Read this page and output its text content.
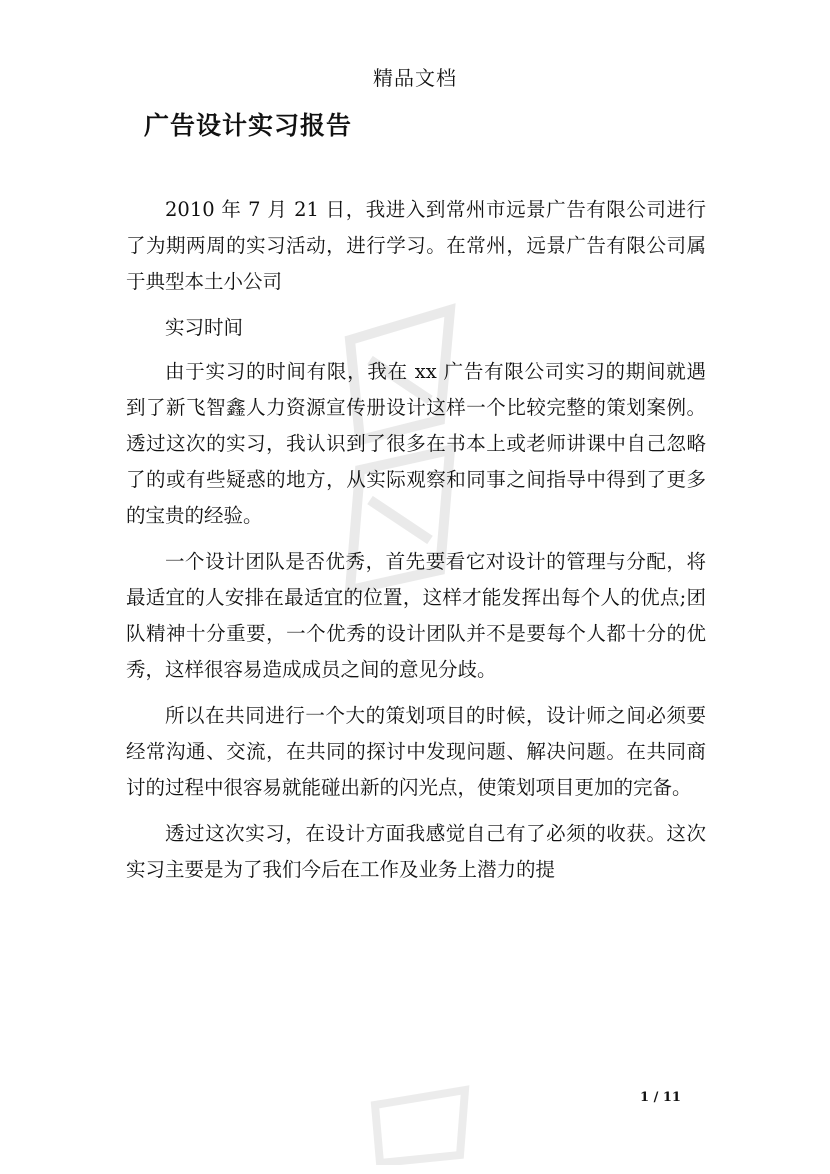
精品文档
广告设计实习报告

2010 年 7 月 21 日，我进入到常州市远景广告有限公司进行了为期两周的实习活动，进行学习。在常州，远景广告有限公司属于典型本土小公司

实习时间

由于实习的时间有限，我在 xx 广告有限公司实习的期间就遇到了新飞智鑫人力资源宣传册设计这样一个比较完整的策划案例。透过这次的实习，我认识到了很多在书本上或老师讲课中自己忽略了的或有些疑惑的地方，从实际观察和同事之间指导中得到了更多的宝贵的经验。

一个设计团队是否优秀，首先要看它对设计的管理与分配，将最适宜的人安排在最适宜的位置，这样才能发挥出每个人的优点;团队精神十分重要，一个优秀的设计团队并不是要每个人都十分的优秀，这样很容易造成成员之间的意见分歧。

所以在共同进行一个大的策划项目的时候，设计师之间必须要经常沟通、交流，在共同的探讨中发现问题、解决问题。在共同商讨的过程中很容易就能碰出新的闪光点，使策划项目更加的完备。

透过这次实习，在设计方面我感觉自己有了必须的收获。这次实习主要是为了我们今后在工作及业务上潜力的提

1 / 11
